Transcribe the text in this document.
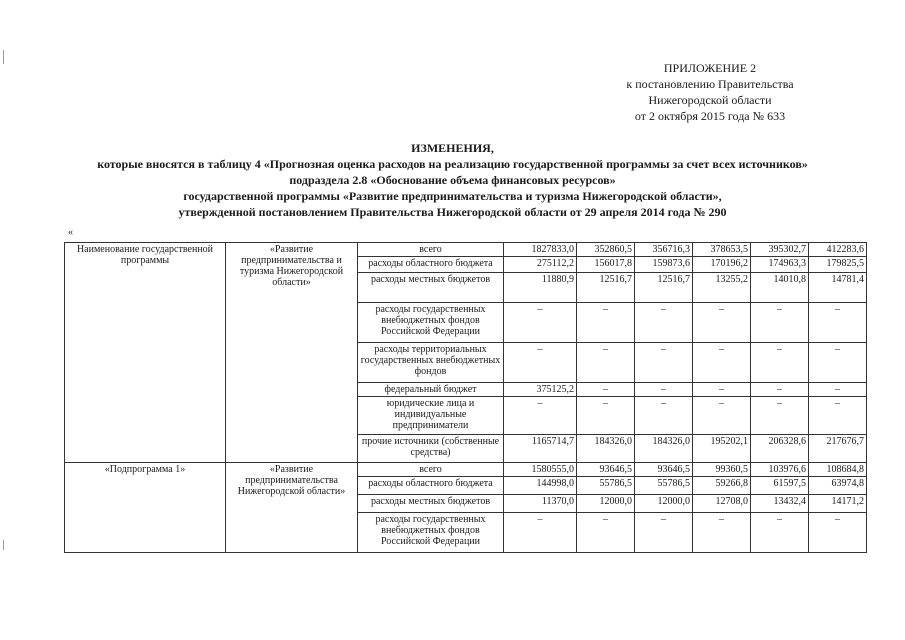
ПРИЛОЖЕНИЕ 2
к постановлению Правительства
Нижегородской области
от 2 октября 2015 года № 633
ИЗМЕНЕНИЯ,
которые вносятся в таблицу 4 «Прогнозная оценка расходов на реализацию государственной программы за счет всех источников»
подраздела 2.8 «Обоснование объема финансовых ресурсов»
государственной программы «Развитие предпринимательства и туризма Нижегородской области»,
утвержденной постановлением Правительства Нижегородской области от 29 апреля 2014 года № 290
«
Наименование государственной программы	«Развитие предпринимательства и туризма Нижегородской области»	всего	1827833,0	352860,5	356716,3	378653,5	395302,7	412283,6
		расходы областного бюджета	275112,2	156017,8	159873,6	170196,2	174963,3	179825,5
		расходы местных бюджетов	11880,9	12516,7	12516,7	13255,2	14010,8	14781,4
		расходы государственных внебюджетных фондов Российской Федерации	–	–	–	–	–	–
		расходы территориальных государственных внебюджетных фондов	–	–	–	–	–	–
		федеральный бюджет	375125,2	–	–	–	–	–
		юридические лица и индивидуальные предприниматели	–	–	–	–	–	–
		прочие источники (собственные средства)	1165714,7	184326,0	184326,0	195202,1	206328,6	217676,7
«Подпрограмма 1»	«Развитие предпринимательства Нижегородской области»	всего	1580555,0	93646,5	93646,5	99360,5	103976,6	108684,8
		расходы областного бюджета	144998,0	55786,5	55786,5	59266,8	61597,5	63974,8
		расходы местных бюджетов	11370,0	12000,0	12000,0	12708,0	13432,4	14171,2
		расходы государственных внебюджетных фондов Российской Федерации	–	–	–	–	–	–
